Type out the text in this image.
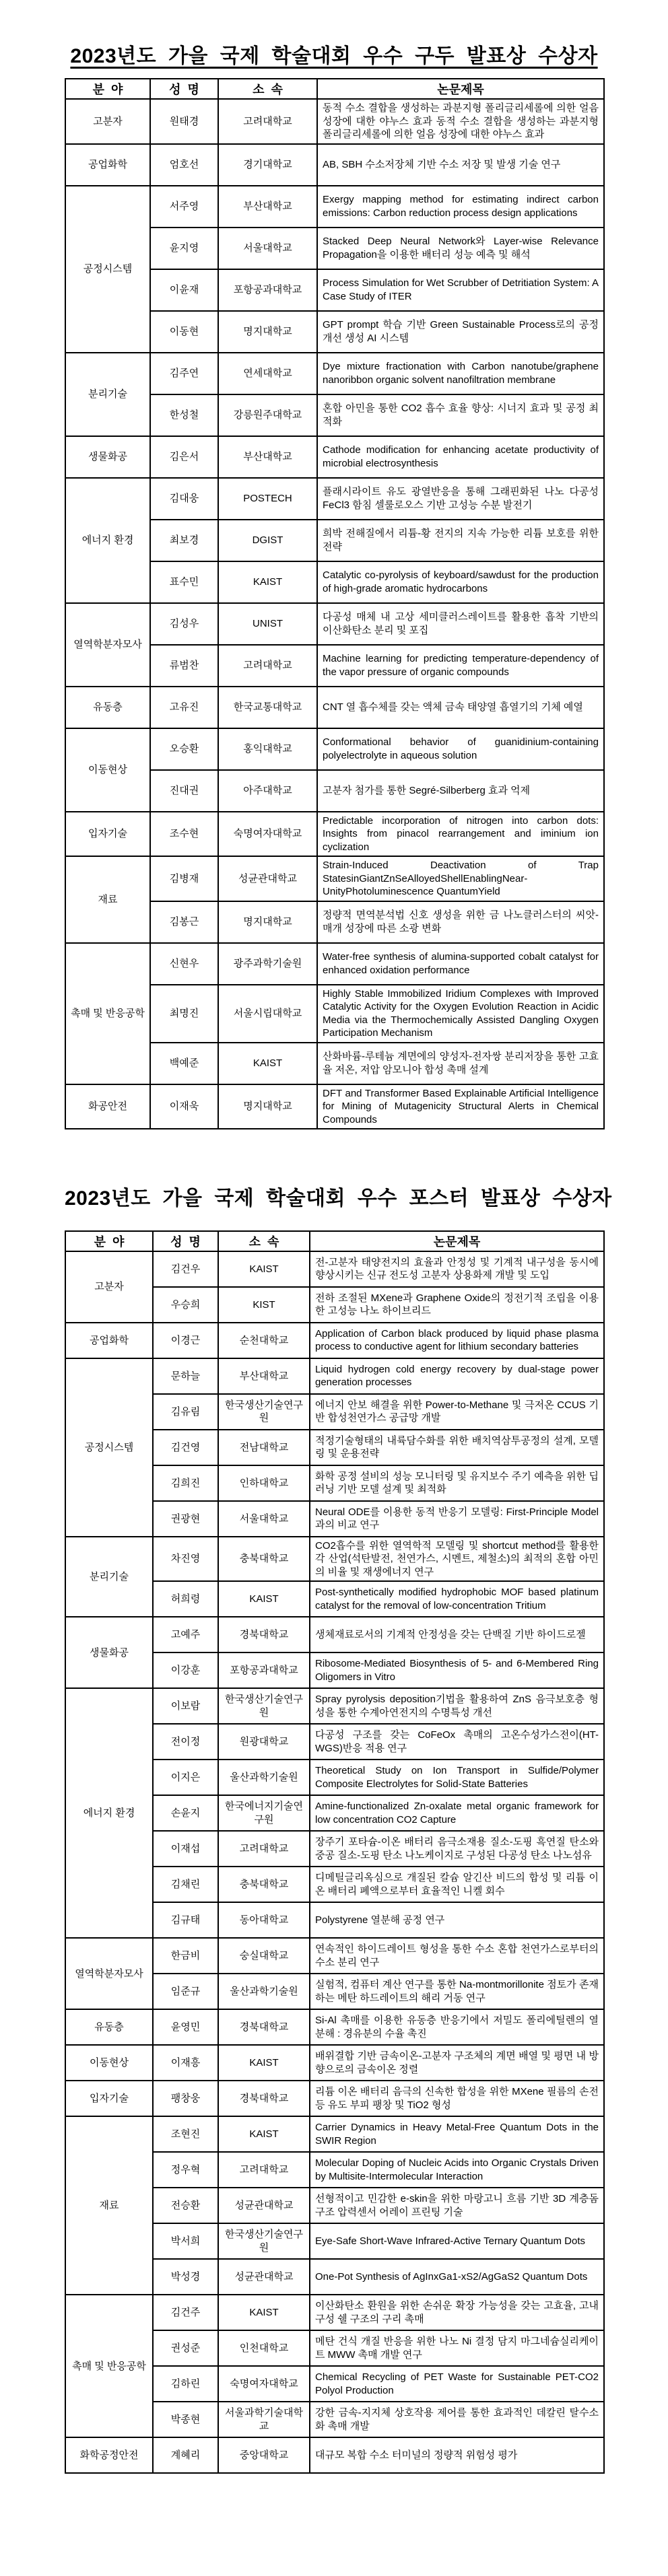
2023년도 가을 국제 학술대회 우수 구두 발표상 수상자
분  야	성  명	소  속	논문제목
고분자	원태경	고려대학교	동적 수소 결합을 생성하는 과분지형 폴리글리세롤에 의한 얼음 성장에 대한 야누스 효과 동적 수소 결합을 생성하는 과분지형 폴리글리세롤에 의한 얼음 성장에 대한 야누스 효과
공업화학	엄호선	경기대학교	AB, SBH 수소저장체 기반 수소 저장 및 발생 기술 연구
공정시스템	서주영	부산대학교	Exergy mapping method for estimating indirect carbon emissions: Carbon reduction process design applications
	윤지영	서울대학교	Stacked Deep Neural Network와 Layer-wise Relevance Propagation을 이용한 배터리 성능 예측 및 해석
	이윤재	포항공과대학교	Process Simulation for Wet Scrubber of Detritiation System: A Case Study of ITER
	이동현	명지대학교	GPT prompt 학습 기반 Green Sustainable Process로의 공정 개선 생성 AI 시스템
분리기술	김주연	연세대학교	Dye mixture fractionation with Carbon nanotube/graphene nanoribbon organic solvent nanofiltration membrane
	한성철	강릉원주대학교	혼합 아민을 통한 CO2 흡수 효율 향상: 시너지 효과 및 공정 최적화
생물화공	김은서	부산대학교	Cathode modification for enhancing acetate productivity of microbial electrosynthesis
에너지 환경	김대웅	POSTECH	플래시라이트 유도 광열반응을 통해 그래핀화된 나노 다공성 FeCl3 함침 셀룰로오스 기반 고성능 수분 발전기
	최보경	DGIST	희박 전해질에서 리튬-황 전지의 지속 가능한 리튬 보호를 위한 전략
	표수민	KAIST	Catalytic co-pyrolysis of keyboard/sawdust for the production of high-grade aromatic hydrocarbons
열역학분자모사	김성우	UNIST	다공성 매체 내 고상 세미클러스레이트를 활용한 흡착 기반의 이산화탄소 분리 및 포집
	류범찬	고려대학교	Machine learning for predicting temperature-dependency of the vapor pressure of organic compounds
유동층	고유진	한국교통대학교	CNT 열 흡수체를 갖는 액체 금속 태양열 흡열기의 기체 예열
이동현상	오승환	홍익대학교	Conformational behavior of guanidinium-containing polyelectrolyte in aqueous solution
	진대권	아주대학교	고분자 첨가를 통한 Segré-Silberberg 효과 억제
입자기술	조수현	숙명여자대학교	Predictable incorporation of nitrogen into carbon dots: Insights from pinacol rearrangement and iminium ion cyclization
재료	김병재	성균관대학교	Strain-Induced Deactivation of Trap StatesinGiantZnSeAlloyedShellEnablingNear-UnityPhotoluminescence QuantumYield
	김봉근	명지대학교	정량적 면역분석법 신호 생성을 위한 금 나노클러스터의 씨앗-매개 성장에 따른 소광 변화
촉매 및 반응공학	신현우	광주과학기술원	Water-free synthesis of alumina-supported cobalt catalyst for enhanced oxidation performance
	최명진	서울시립대학교	Highly Stable Immobilized Iridium Complexes with Improved Catalytic Activity for the Oxygen Evolution Reaction in Acidic Media via the Thermochemically Assisted Dangling Oxygen Participation Mechanism
	백예준	KAIST	산화바륨-루테늄 계면에의 양성자-전자쌍 분리저장을 통한 고효율 저온, 저압 암모니아 합성 촉매 설계
화공안전	이재욱	명지대학교	DFT and Transformer Based Explainable Artificial Intelligence for Mining of Mutagenicity Structural Alerts in Chemical Compounds
2023년도 가을 국제 학술대회 우수 포스터 발표상 수상자
분  야	성  명	소  속	논문제목
고분자	김건우	KAIST	전-고분자 태양전지의 효율과 안정성 및 기계적 내구성을 동시에 향상시키는 신규 전도성 고분자 상용화제 개발 및 도입
	우승희	KIST	전하 조절된 MXene과 Graphene Oxide의 정전기적 조립을 이용한 고성능 나노 하이브리드
공업화학	이경근	순천대학교	Application of Carbon black produced by liquid phase plasma process to conductive agent for lithium secondary batteries
공정시스템	문하늘	부산대학교	Liquid hydrogen cold energy recovery by dual-stage power generation processes
	김유림	한국생산기술연구원	에너지 안보 해결을 위한 Power-to-Methane 및 극저온 CCUS 기반 합성천연가스 공급망 개발
	김건영	전남대학교	적정기술형태의 내륙담수화를 위한 배치역삼투공정의 설계, 모델링 및 운용전략
	김희진	인하대학교	화학 공정 설비의 성능 모니터링 및 유지보수 주기 예측을 위한 딥러닝 기반 모델 설계 및 최적화
	권광현	서울대학교	Neural ODE를 이용한 동적 반응기 모델링: First-Principle Model과의 비교 연구
분리기술	차진영	충북대학교	CO2흡수를 위한 열역학적 모델링 및 shortcut method를 활용한 각 산업(석탄발전, 천연가스, 시멘트, 제철소)의 최적의 혼합 아민의 비율 및 재생에너지 연구
	허희령	KAIST	Post-synthetically modified hydrophobic MOF based platinum catalyst for the removal of low-concentration Tritium
생물화공	고예주	경북대학교	생체재료로서의 기계적 안정성을 갖는 단백질 기반 하이드로젤
	이강훈	포항공과대학교	Ribosome-Mediated Biosynthesis of 5- and 6-Membered Ring Oligomers in Vitro
에너지 환경	이보람	한국생산기술연구원	Spray pyrolysis deposition기법을 활용하여 ZnS 음극보호층 형성을 통한 수계아연전지의 수명특성 개선
	전이정	원광대학교	다공성 구조를 갖는 CoFeOx 촉매의 고온수성가스전이(HT-WGS)반응 적용 연구
	이지은	울산과학기술원	Theoretical Study on Ion Transport in Sulfide/Polymer Composite Electrolytes for Solid-State Batteries
	손윤지	한국에너지기술연구원	Amine-functionalized Zn-oxalate metal organic framework for low concentration CO2 Capture
	이재섭	고려대학교	장주기 포타슘-이온 배터리 음극소재용 질소-도핑 흑연질 탄소와 중공 질소-도핑 탄소 나노케이지로 구성된 다공성 탄소 나노섬유
	김채린	충북대학교	디메틸글리옥심으로 개질된 칼슘 알긴산 비드의 합성 및 리튬 이온 배터리 폐액으로부터 효율적인 니켈 회수
	김규태	동아대학교	Polystyrene 열분해 공정 연구
열역학분자모사	한금비	숭실대학교	연속적인 하이드레이트 형성을 통한 수소 혼합 천연가스로부터의 수소 분리 연구
	임준규	울산과학기술원	실험적, 컴퓨터 계산 연구를 통한 Na-montmorillonite 점토가 존재하는 메탄 하드레이트의 해리 거동 연구
유동층	윤영민	경북대학교	Si-Al 촉매를 이용한 유동층 반응기에서 저밀도 폴리에틸렌의 열분해 : 경유분의 수율 촉진
이동현상	이재흥	KAIST	배위결합 기반 금속이온-고분자 구조체의 계면 배열 및 평면 내 방향으로의 금속이온 정렬
입자기술	팽창웅	경북대학교	리튬 이온 배터리 음극의 신속한 합성을 위한 MXene 필름의 손전등 유도 부피 팽창 및 TiO2 형성
재료	조현진	KAIST	Carrier Dynamics in Heavy Metal-Free Quantum Dots in the SWIR Region
	정우혁	고려대학교	Molecular Doping of Nucleic Acids into Organic Crystals Driven by Multisite-Intermolecular Interaction
	전승환	성균관대학교	선형적이고 민감한 e-skin을 위한 마랑고니 흐름 기반 3D 계층돔 구조 압력센서 어레이 프린팅 기술
	박서희	한국생산기술연구원	Eye-Safe Short-Wave Infrared-Active Ternary Quantum Dots
	박성경	성균관대학교	One-Pot Synthesis of AgInxGa1-xS2/AgGaS2 Quantum Dots
촉매 및 반응공학	김건주	KAIST	이산화탄소 환원을 위한 손쉬운 확장 가능성을 갖는 고효율, 고내구성 쉘 구조의 구리 촉매
	권성준	인천대학교	메탄 건식 개질 반응을 위한 나노 Ni 결정 담지 마그네슘실리케이트 MWW 촉매 개발 연구
	김하린	숙명여자대학교	Chemical Recycling of PET Waste for Sustainable PET-CO2 Polyol Production
	박종현	서울과학기술대학교	강한 금속-지지체 상호작용 제어를 통한 효과적인 데칼린 탈수소화 촉매 개발
화학공정안전	계혜리	중앙대학교	대규모 복합 수소 터미널의 정량적 위험성 평가
